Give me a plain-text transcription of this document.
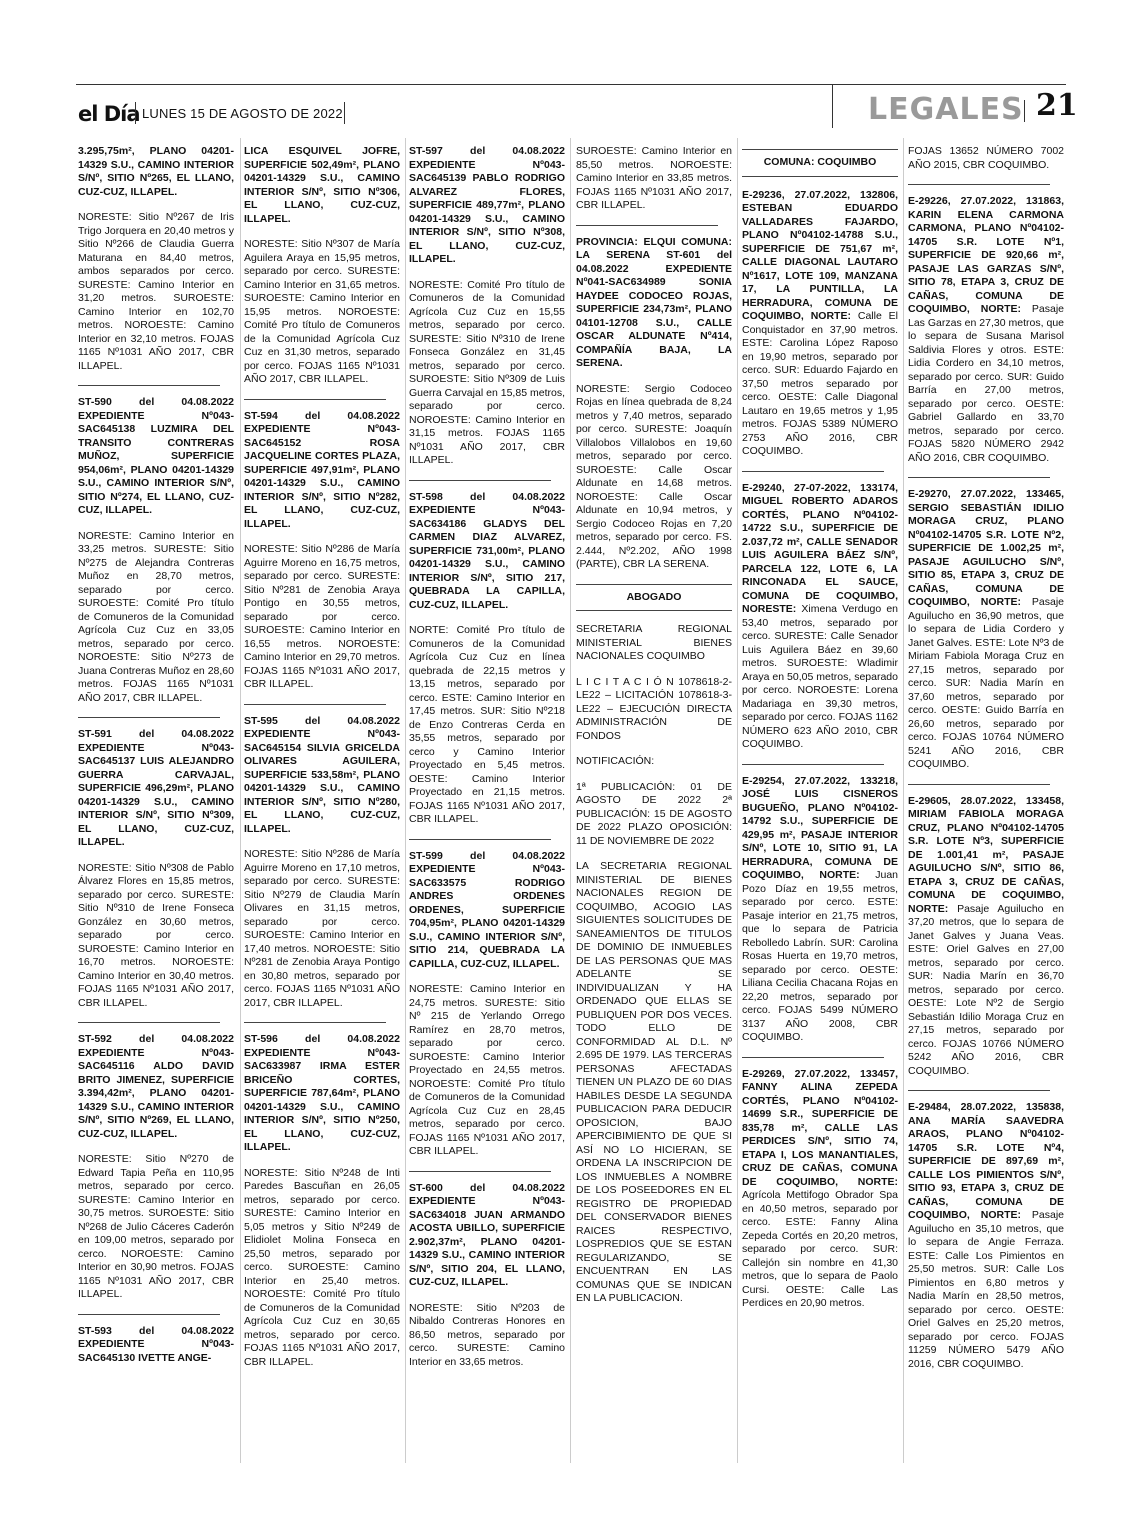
el Día LUNES 15 DE AGOSTO DE 2022	LEGALES 21

3.295,75m², PLANO 04201-14329 S.U., CAMINO INTERIOR S/Nº, SITIO Nº265, EL LLANO, CUZ-CUZ, ILLAPEL.

NORESTE: Sitio Nº267 de Iris Trigo Jorquera en 20,40 metros y Sitio Nº266 de Claudia Guerra Maturana en 84,40 metros, ambos separados por cerco. SURESTE: Camino Interior en 31,20 metros. SUROESTE: Camino Interior en 102,70 metros. NOROESTE: Camino Interior en 32,10 metros. FOJAS 1165 Nº1031 AÑO 2017, CBR ILLAPEL.

ST-590 del 04.08.2022 EXPEDIENTE Nº043-SAC645138 LUZMIRA DEL TRANSITO CONTRERAS MUÑOZ, SUPERFICIE 954,06m², PLANO 04201-14329 S.U., CAMINO INTERIOR S/Nº, SITIO Nº274, EL LLANO, CUZ-CUZ, ILLAPEL.

NORESTE: Camino Interior en 33,25 metros. SURESTE: Sitio Nº275 de Alejandra Contreras Muñoz en 28,70 metros, separado por cerco. SUROESTE: Comité Pro título de Comuneros de la Comunidad Agrícola Cuz Cuz en 33,05 metros, separado por cerco. NOROESTE: Sitio Nº273 de Juana Contreras Muñoz en 28,60 metros. FOJAS 1165 Nº1031 AÑO 2017, CBR ILLAPEL.

ST-591 del 04.08.2022 EXPEDIENTE Nº043-SAC645137 LUIS ALEJANDRO GUERRA CARVAJAL, SUPERFICIE 496,29m², PLANO 04201-14329 S.U., CAMINO INTERIOR S/Nº, SITIO Nº309, EL LLANO, CUZ-CUZ, ILLAPEL.

NORESTE: Sitio Nº308 de Pablo Álvarez Flores en 15,85 metros, separado por cerco. SURESTE: Sitio Nº310 de Irene Fonseca González en 30,60 metros, separado por cerco. SUROESTE: Camino Interior en 16,70 metros. NOROESTE: Camino Interior en 30,40 metros. FOJAS 1165 Nº1031 AÑO 2017, CBR ILLAPEL.

ST-592 del 04.08.2022 EXPEDIENTE Nº043-SAC645116 ALDO DAVID BRITO JIMENEZ, SUPERFICIE 3.394,42m², PLANO 04201-14329 S.U., CAMINO INTERIOR S/Nº, SITIO Nº269, EL LLANO, CUZ-CUZ, ILLAPEL.

NORESTE: Sitio Nº270 de Edward Tapia Peña en 110,95 metros, separado por cerco. SURESTE: Camino Interior en 30,75 metros. SUROESTE: Sitio Nº268 de Julio Cáceres Caderón en 109,00 metros, separado por cerco. NOROESTE: Camino Interior en 30,90 metros. FOJAS 1165 Nº1031 AÑO 2017, CBR ILLAPEL.

ST-593 del 04.08.2022 EXPEDIENTE Nº043-SAC645130 IVETTE ANGE-

LICA ESQUIVEL JOFRE, SUPERFICIE 502,49m², PLANO 04201-14329 S.U., CAMINO INTERIOR S/Nº, SITIO Nº306, EL LLANO, CUZ-CUZ, ILLAPEL.

NORESTE: Sitio Nº307 de María Aguilera Araya en 15,95 metros, separado por cerco. SURESTE: Camino Interior en 31,65 metros. SUROESTE: Camino Interior en 15,95 metros. NOROESTE: Comité Pro título de Comuneros de la Comunidad Agrícola Cuz Cuz en 31,30 metros, separado por cerco. FOJAS 1165 Nº1031 AÑO 2017, CBR ILLAPEL.

ST-594 del 04.08.2022 EXPEDIENTE Nº043-SAC645152 ROSA JACQUELINE CORTES PLAZA, SUPERFICIE 497,91m², PLANO 04201-14329 S.U., CAMINO INTERIOR S/Nº, SITIO Nº282, EL LLANO, CUZ-CUZ, ILLAPEL.

NORESTE: Sitio Nº286 de María Aguirre Moreno en 16,75 metros, separado por cerco. SURESTE: Sitio Nº281 de Zenobia Araya Pontigo en 30,55 metros, separado por cerco. SUROESTE: Camino Interior en 16,55 metros. NOROESTE: Camino Interior en 29,70 metros. FOJAS 1165 Nº1031 AÑO 2017, CBR ILLAPEL.

ST-595 del 04.08.2022 EXPEDIENTE Nº043-SAC645154 SILVIA GRICELDA OLIVARES AGUILERA, SUPERFICIE 533,58m², PLANO 04201-14329 S.U., CAMINO INTERIOR S/Nº, SITIO Nº280, EL LLANO, CUZ-CUZ, ILLAPEL.

NORESTE: Sitio Nº286 de María Aguirre Moreno en 17,10 metros, separado por cerco. SURESTE: Sitio Nº279 de Claudia Marín Olivares en 31,15 metros, separado por cerco. SUROESTE: Camino Interior en 17,40 metros. NOROESTE: Sitio Nº281 de Zenobia Araya Pontigo en 30,80 metros, separado por cerco. FOJAS 1165 Nº1031 AÑO 2017, CBR ILLAPEL.

ST-596 del 04.08.2022 EXPEDIENTE Nº043-SAC633987 IRMA ESTER BRICEÑO CORTES, SUPERFICIE 787,64m², PLANO 04201-14329 S.U., CAMINO INTERIOR S/Nº, SITIO Nº250, EL LLANO, CUZ-CUZ, ILLAPEL.

NORESTE: Sitio Nº248 de Inti Paredes Bascuñan en 26,05 metros, separado por cerco. SURESTE: Camino Interior en 5,05 metros y Sitio Nº249 de Elidiolet Molina Fonseca en 25,50 metros, separado por cerco. SUROESTE: Camino Interior en 25,40 metros. NOROESTE: Comité Pro título de Comuneros de la Comunidad Agrícola Cuz Cuz en 30,65 metros, separado por cerco. FOJAS 1165 Nº1031 AÑO 2017, CBR ILLAPEL.

ST-597 del 04.08.2022 EXPEDIENTE Nº043-SAC645139 PABLO RODRIGO ALVAREZ FLORES, SUPERFICIE 489,77m², PLANO 04201-14329 S.U., CAMINO INTERIOR S/Nº, SITIO Nº308, EL LLANO, CUZ-CUZ, ILLAPEL.

NORESTE: Comité Pro título de Comuneros de la Comunidad Agrícola Cuz Cuz en 15,55 metros, separado por cerco. SURESTE: Sitio Nº310 de Irene Fonseca González en 31,45 metros, separado por cerco. SUROESTE: Sitio Nº309 de Luis Guerra Carvajal en 15,85 metros, separado por cerco. NOROESTE: Camino Interior en 31,15 metros. FOJAS 1165 Nº1031 AÑO 2017, CBR ILLAPEL.

ST-598 del 04.08.2022 EXPEDIENTE Nº043-SAC634186 GLADYS DEL CARMEN DIAZ ALVAREZ, SUPERFICIE 731,00m², PLANO 04201-14329 S.U., CAMINO INTERIOR S/Nº, SITIO 217, QUEBRADA LA CAPILLA, CUZ-CUZ, ILLAPEL.

NORTE: Comité Pro título de Comuneros de la Comunidad Agrícola Cuz Cuz en línea quebrada de 22,15 metros y 13,15 metros, separado por cerco. ESTE: Camino Interior en 17,45 metros. SUR: Sitio Nº218 de Enzo Contreras Cerda en 35,55 metros, separado por cerco y Camino Interior Proyectado en 5,45 metros. OESTE: Camino Interior Proyectado en 21,15 metros. FOJAS 1165 Nº1031 AÑO 2017, CBR ILLAPEL.

ST-599 del 04.08.2022 EXPEDIENTE Nº043-SAC633575 RODRIGO ANDRES ORDENES ORDENES, SUPERFICIE 704,95m², PLANO 04201-14329 S.U., CAMINO INTERIOR S/Nº, SITIO 214, QUEBRADA LA CAPILLA, CUZ-CUZ, ILLAPEL.

NORESTE: Camino Interior en 24,75 metros. SURESTE: Sitio Nº 215 de Yerlando Orrego Ramírez en 28,70 metros, separado por cerco. SUROESTE: Camino Interior Proyectado en 24,55 metros. NOROESTE: Comité Pro título de Comuneros de la Comunidad Agrícola Cuz Cuz en 28,45 metros, separado por cerco. FOJAS 1165 Nº1031 AÑO 2017, CBR ILLAPEL.

ST-600 del 04.08.2022 EXPEDIENTE Nº043-SAC634018 JUAN ARMANDO ACOSTA UBILLO, SUPERFICIE 2.902,37m², PLANO 04201-14329 S.U., CAMINO INTERIOR S/Nº, SITIO 204, EL LLANO, CUZ-CUZ, ILLAPEL.

NORESTE: Sitio Nº203 de Nibaldo Contreras Honores en 86,50 metros, separado por cerco. SURESTE: Camino Interior en 33,65 metros.

SUROESTE: Camino Interior en 85,50 metros. NOROESTE: Camino Interior en 33,85 metros. FOJAS 1165 Nº1031 AÑO 2017, CBR ILLAPEL.

PROVINCIA: ELQUI COMUNA: LA SERENA ST-601 del 04.08.2022 EXPEDIENTE Nº041-SAC634989 SONIA HAYDEE CODOCEO ROJAS, SUPERFICIE 234,73m², PLANO 04101-12708 S.U., CALLE OSCAR ALDUNATE Nº414, COMPAÑÍA BAJA, LA SERENA.

NORESTE: Sergio Codoceo Rojas en línea quebrada de 8,24 metros y 7,40 metros, separado por cerco. SURESTE: Joaquín Villalobos Villalobos en 19,60 metros, separado por cerco. SUROESTE: Calle Oscar Aldunate en 14,68 metros. NOROESTE: Calle Oscar Aldunate en 10,94 metros, y Sergio Codoceo Rojas en 7,20 metros, separado por cerco. FS. 2.444, Nº2.202, AÑO 1998 (PARTE), CBR LA SERENA.

ABOGADO

SECRETARIA REGIONAL MINISTERIAL BIENES NACIONALES COQUIMBO

L I C I T A C I Ó N 1078618-2-LE22 – LICITACIÓN 1078618-3-LE22 – EJECUCIÓN DIRECTA ADMINISTRACIÓN DE FONDOS

NOTIFICACIÓN:

1ª PUBLICACIÓN: 01 DE AGOSTO DE 2022 2ª PUBLICACIÓN: 15 DE AGOSTO DE 2022 PLAZO OPOSICIÓN: 11 DE NOVIEMBRE DE 2022

LA SECRETARIA REGIONAL MINISTERIAL DE BIENES NACIONALES REGION DE COQUIMBO, ACOGIO LAS SIGUIENTES SOLICITUDES DE SANEAMIENTOS DE TITULOS DE DOMINIO DE INMUEBLES DE LAS PERSONAS QUE MAS ADELANTE SE INDIVIDUALIZAN Y HA ORDENADO QUE ELLAS SE PUBLIQUEN POR DOS VECES. TODO ELLO DE CONFORMIDAD AL D.L. Nº 2.695 DE 1979. LAS TERCERAS PERSONAS AFECTADAS TIENEN UN PLAZO DE 60 DIAS HABILES DESDE LA SEGUNDA PUBLICACION PARA DEDUCIR OPOSICION, BAJO APERCIBIMIENTO DE QUE SI ASÍ NO LO HICIERAN, SE ORDENA LA INSCRIPCION DE LOS INMUEBLES A NOMBRE DE LOS POSEEDORES EN EL REGISTRO DE PROPIEDAD DEL CONSERVADOR BIENES RAICES RESPECTIVO, LOSPREDIOS QUE SE ESTAN REGULARIZANDO, SE ENCUENTRAN EN LAS COMUNAS QUE SE INDICAN EN LA PUBLICACION.

COMUNA: COQUIMBO

E-29236, 27.07.2022, 132806, ESTEBAN EDUARDO VALLADARES FAJARDO, PLANO Nº04102-14788 S.U., SUPERFICIE DE 751,67 m², CALLE DIAGONAL LAUTARO Nº1617, LOTE 109, MANZANA 17, LA PUNTILLA, LA HERRADURA, COMUNA DE COQUIMBO, NORTE: Calle El Conquistador en 37,90 metros. ESTE: Carolina López Raposo en 19,90 metros, separado por cerco. SUR: Eduardo Fajardo en 37,50 metros separado por cerco. OESTE: Calle Diagonal Lautaro en 19,65 metros y 1,95 metros. FOJAS 5389 NÚMERO 2753 AÑO 2016, CBR COQUIMBO.

E-29240, 27-07-2022, 133174, MIGUEL ROBERTO ADAROS CORTÉS, PLANO Nº04102-14722 S.U., SUPERFICIE DE 2.037,72 m², CALLE SENADOR LUIS AGUILERA BÁEZ S/Nº, PARCELA 122, LOTE 6, LA RINCONADA EL SAUCE, COMUNA DE COQUIMBO, NORESTE: Ximena Verdugo en 53,40 metros, separado por cerco. SURESTE: Calle Senador Luis Aguilera Báez en 39,60 metros. SUROESTE: Wladimir Araya en 50,05 metros, separado por cerco. NOROESTE: Lorena Madariaga en 39,30 metros, separado por cerco. FOJAS 1162 NÚMERO 623 AÑO 2010, CBR COQUIMBO.

E-29254, 27.07.2022, 133218, JOSÉ LUIS CISNEROS BUGUEÑO, PLANO Nº04102-14792 S.U., SUPERFICIE DE 429,95 m², PASAJE INTERIOR S/Nº, LOTE 10, SITIO 91, LA HERRADURA, COMUNA DE COQUIMBO, NORTE: Juan Pozo Díaz en 19,55 metros, separado por cerco. ESTE: Pasaje interior en 21,75 metros, que lo separa de Patricia Rebolledo Labrín. SUR: Carolina Rosas Huerta en 19,70 metros, separado por cerco. OESTE: Liliana Cecilia Chacana Rojas en 22,20 metros, separado por cerco. FOJAS 5499 NÚMERO 3137 AÑO 2008, CBR COQUIMBO.

E-29269, 27.07.2022, 133457, FANNY ALINA ZEPEDA CORTÉS, PLANO Nº04102-14699 S.R., SUPERFICIE DE 835,78 m², CALLE LAS PERDICES S/Nº, SITIO 74, ETAPA I, LOS MANANTIALES, CRUZ DE CAÑAS, COMUNA DE COQUIMBO, NORTE: Agrícola Mettifogo Obrador Spa en 40,50 metros, separado por cerco. ESTE: Fanny Alina Zepeda Cortés en 20,20 metros, separado por cerco. SUR: Callejón sin nombre en 41,30 metros, que lo separa de Paolo Cursi. OESTE: Calle Las Perdices en 20,90 metros.

FOJAS 13652 NÚMERO 7002 AÑO 2015, CBR COQUIMBO.

E-29226, 27.07.2022, 131863, KARIN ELENA CARMONA CARMONA, PLANO Nº04102-14705 S.R. LOTE Nº1, SUPERFICIE DE 920,66 m², PASAJE LAS GARZAS S/Nº, SITIO 78, ETAPA 3, CRUZ DE CAÑAS, COMUNA DE COQUIMBO, NORTE: Pasaje Las Garzas en 27,30 metros, que lo separa de Susana Marisol Saldivia Flores y otros. ESTE: Lidia Cordero en 34,10 metros, separado por cerco. SUR: Guido Barría en 27,00 metros, separado por cerco. OESTE: Gabriel Gallardo en 33,70 metros, separado por cerco. FOJAS 5820 NÚMERO 2942 AÑO 2016, CBR COQUIMBO.

E-29270, 27.07.2022, 133465, SERGIO SEBASTIÁN IDILIO MORAGA CRUZ, PLANO Nº04102-14705 S.R. LOTE Nº2, SUPERFICIE DE 1.002,25 m², PASAJE AGUILUCHO S/Nº, SITIO 85, ETAPA 3, CRUZ DE CAÑAS, COMUNA DE COQUIMBO, NORTE: Pasaje Aguilucho en 36,90 metros, que lo separa de Lidia Cordero y Janet Galves. ESTE: Lote Nº3 de Miriam Fabiola Moraga Cruz en 27,15 metros, separado por cerco. SUR: Nadia Marín en 37,60 metros, separado por cerco. OESTE: Guido Barría en 26,60 metros, separado por cerco. FOJAS 10764 NÚMERO 5241 AÑO 2016, CBR COQUIMBO.

E-29605, 28.07.2022, 133458, MIRIAM FABIOLA MORAGA CRUZ, PLANO Nº04102-14705 S.R. LOTE Nº3, SUPERFICIE DE 1.001,41 m², PASAJE AGUILUCHO S/Nº, SITIO 86, ETAPA 3, CRUZ DE CAÑAS, COMUNA DE COQUIMBO, NORTE: Pasaje Aguilucho en 37,20 metros, que lo separa de Janet Galves y Juana Veas. ESTE: Oriel Galves en 27,00 metros, separado por cerco. SUR: Nadia Marín en 36,70 metros, separado por cerco. OESTE: Lote Nº2 de Sergio Sebastián Idilio Moraga Cruz en 27,15 metros, separado por cerco. FOJAS 10766 NÚMERO 5242 AÑO 2016, CBR COQUIMBO.

E-29484, 28.07.2022, 135838, ANA MARÍA SAAVEDRA ARAOS, PLANO Nº04102-14705 S.R. LOTE Nº4, SUPERFICIE DE 897,69 m², CALLE LOS PIMIENTOS S/Nº, SITIO 93, ETAPA 3, CRUZ DE CAÑAS, COMUNA DE COQUIMBO, NORTE: Pasaje Aguilucho en 35,10 metros, que lo separa de Angie Ferraza. ESTE: Calle Los Pimientos en 25,50 metros. SUR: Calle Los Pimientos en 6,80 metros y Nadia Marín en 28,50 metros, separado por cerco. OESTE: Oriel Galves en 25,20 metros, separado por cerco. FOJAS 11259 NÚMERO 5479 AÑO 2016, CBR COQUIMBO.
